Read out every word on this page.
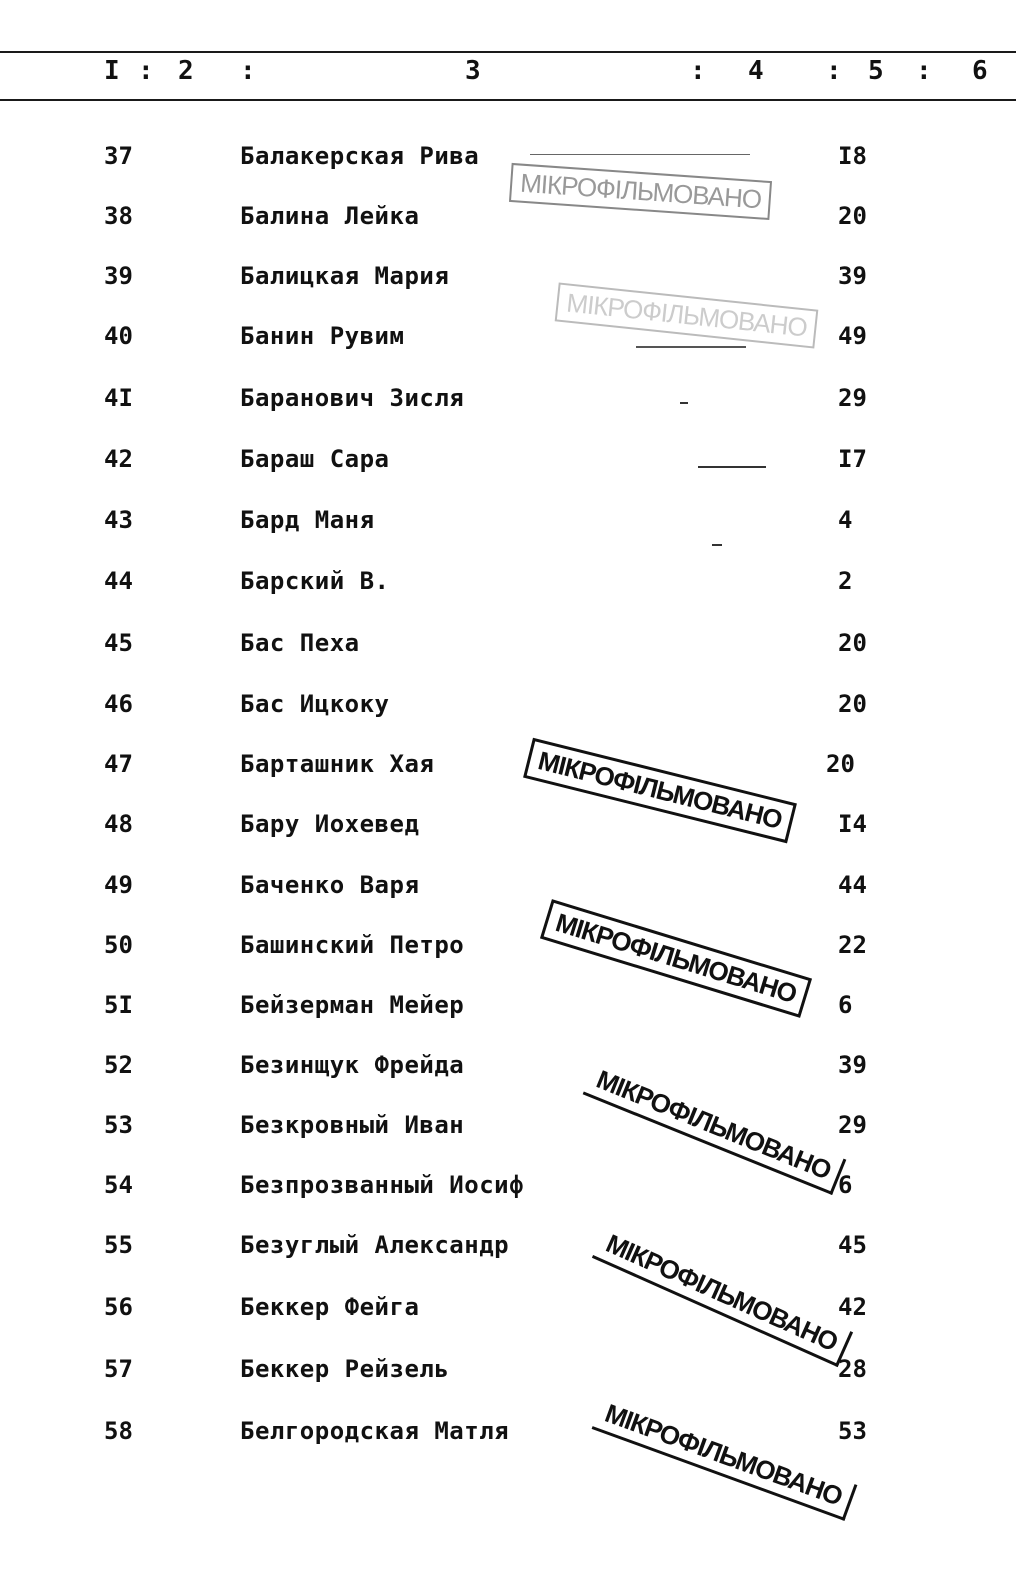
I : 2 :	3	: 4 : 5 : 6
37	Балакерская Рива	I8
38	Балина Лейка	20
39	Балицкая Мария	39
40	Банин Рувим	49
4I	Баранович Зисля	29
42	Бараш Сара	I7
43	Бард Маня	4
44	Барский В.	2
45	Бас Пеха	20
46	Бас Ицкоку	20
47	Барташник Хая	20
48	Бару Иохевед	I4
49	Баченко Варя	44
50	Башинский Петро	22
5I	Бейзерман Мейер	6
52	Безинщук Фрейда	39
53	Безкровный Иван	29
54	Безпрозванный Иосиф	6
55	Безуглый Александр	45
56	Беккер Фейга	42
57	Беккер Рейзель	28
58	Белгородская Матля	53
МІКРОФІЛЬМОВАНО
МІКРОФІЛЬМОВАНО
МІКРОФІЛЬМОВАНО
МІКРОФІЛЬМОВАНО
МІКРОФІЛЬМОВАНО
МІКРОФІЛЬМОВАНО
МІКРОФІЛЬМОВАНО
